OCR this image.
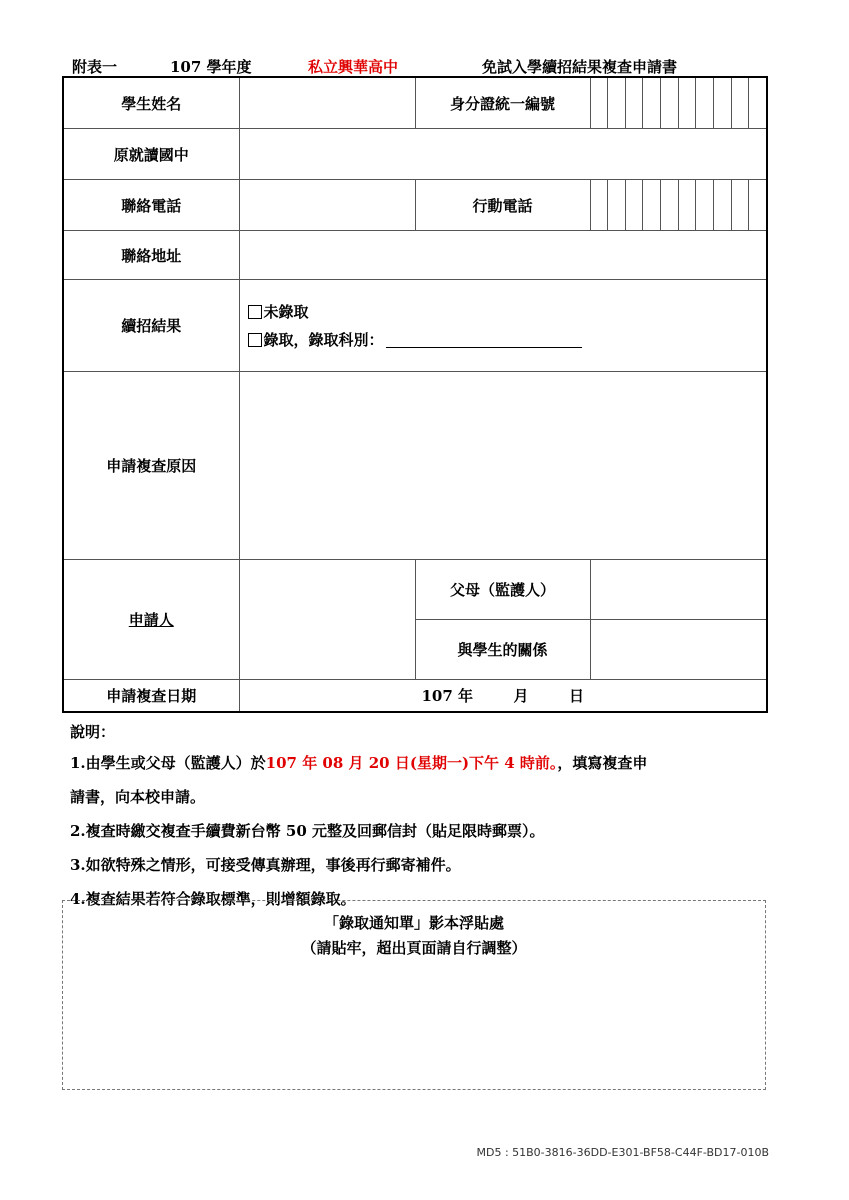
附表一	107 學年度	私立興華高中	免試入學續招結果複查申請書
學生姓名		身分證統一編號	

原就讀國中			
聯絡電話		行動電話	

聯絡地址			
續招結果	未錄取
錄取，錄取科別：		

申請複查原因			
申請人		父母（監護人）	
		與學生的關係	
申請複查日期	107 年 月 日		
說明：
1.由學生或父母（監護人）於107 年 08 月 20 日(星期一)下午 4 時前。，填寫複查申
請書，向本校申請。
2.複查時繳交複查手續費新台幣 50 元整及回郵信封（貼足限時郵票）。
3.如欲特殊之情形，可接受傳真辦理，事後再行郵寄補件。
4.複查結果若符合錄取標準，則增額錄取。
「錄取通知單」影本浮貼處
（請貼牢，超出頁面請自行調整）
MD5 : 51B0-3816-36DD-E301-BF58-C44F-BD17-010B
